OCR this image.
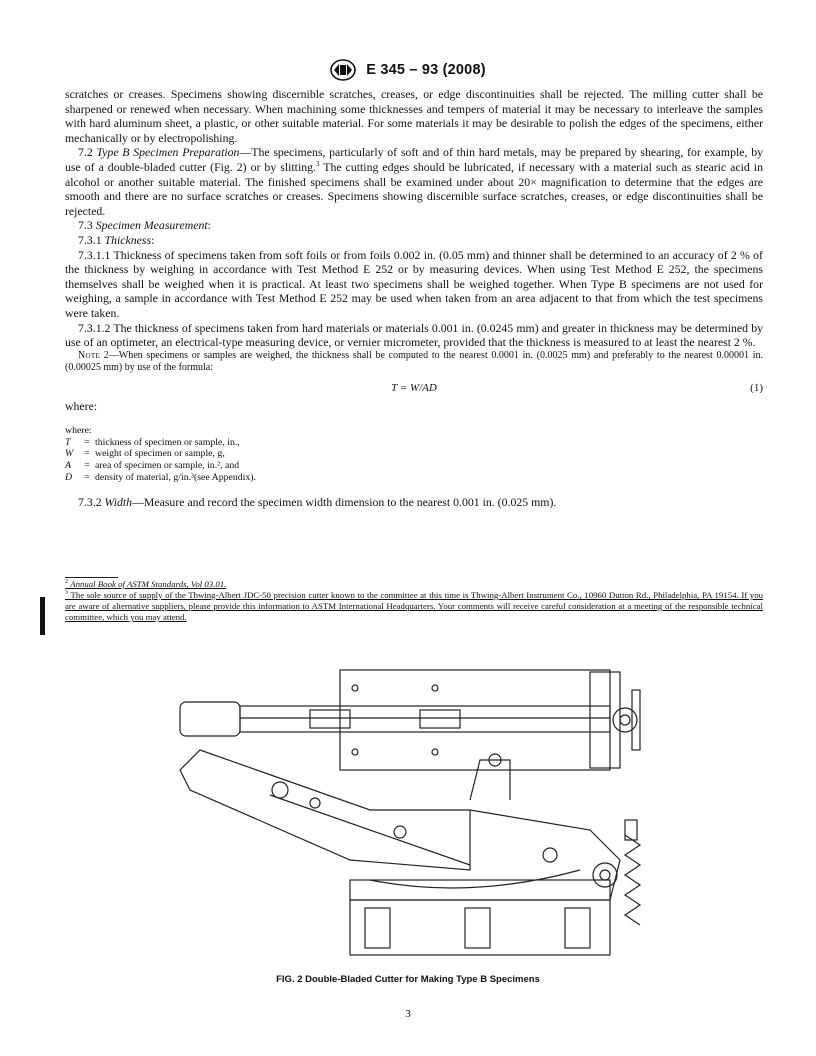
E 345 – 93 (2008)

scratches or creases. Specimens showing discernible scratches, creases, or edge discontinuities shall be rejected. The milling cutter shall be sharpened or renewed when necessary. When machining some thicknesses and tempers of material it may be necessary to interleave the samples with hard aluminum sheet, a plastic, or other suitable material. For some materials it may be desirable to polish the edges of the specimens, either mechanically or by electropolishing.

7.2 Type B Specimen Preparation—The specimens, particularly of soft and of thin hard metals, may be prepared by shearing, for example, by use of a double-bladed cutter (Fig. 2) or by slitting.$^3$ The cutting edges should be lubricated, if necessary with a material such as stearic acid in alcohol or another suitable material. The finished specimens shall be examined under about 20× magnification to determine that the edges are smooth and there are no surface scratches or creases. Specimens showing discernible surface scratches, creases, or edge discontinuities shall be rejected.

7.3 Specimen Measurement:

7.3.1 Thickness:

7.3.1.1 Thickness of specimens taken from soft foils or from foils 0.002 in. (0.05 mm) and thinner shall be determined to an accuracy of 2 % of the thickness by weighing in accordance with Test Method E 252 or by measuring devices. When using Test Method E 252, the specimens themselves shall be weighed when it is practical. At least two specimens shall be weighed together. When Type B specimens are not used for weighing, a sample in accordance with Test Method E 252 may be used when taken from an area adjacent to that from which the test specimens were taken.

7.3.1.2 The thickness of specimens taken from hard materials or materials 0.001 in. (0.0245 mm) and greater in thickness may be determined by use of an optimeter, an electrical-type measuring device, or vernier micrometer, provided that the thickness is measured to at least the nearest 2 %.

Note 2—When specimens or samples are weighed, the thickness shall be computed to the nearest 0.0001 in. (0.0025 mm) and preferably to the nearest 0.00001 in. (0.00025 mm) by use of the formula:

T = W/AD	(1)

where:

where:
T	= thickness of specimen or sample, in.,
W	= weight of specimen or sample, g,
A	= area of specimen or sample, in.², and
D	= density of material, g/in.³(see Appendix).

7.3.2 Width—Measure and record the specimen width dimension to the nearest 0.001 in. (0.025 mm).

$^2$ Annual Book of ASTM Standards, Vol 03.01.
$^3$ The sole source of supply of the Thwing-Albert JDC-50 precision cutter known to the committee at this time is Thwing-Albert Instrument Co., 10960 Dutton Rd., Philadelphia, PA 19154. If you are aware of alternative suppliers, please provide this information to ASTM International Headquarters. Your comments will receive careful consideration at a meeting of the responsible technical committee, which you may attend.
FIG. 2 Double-Bladed Cutter for Making Type B Specimens
3
